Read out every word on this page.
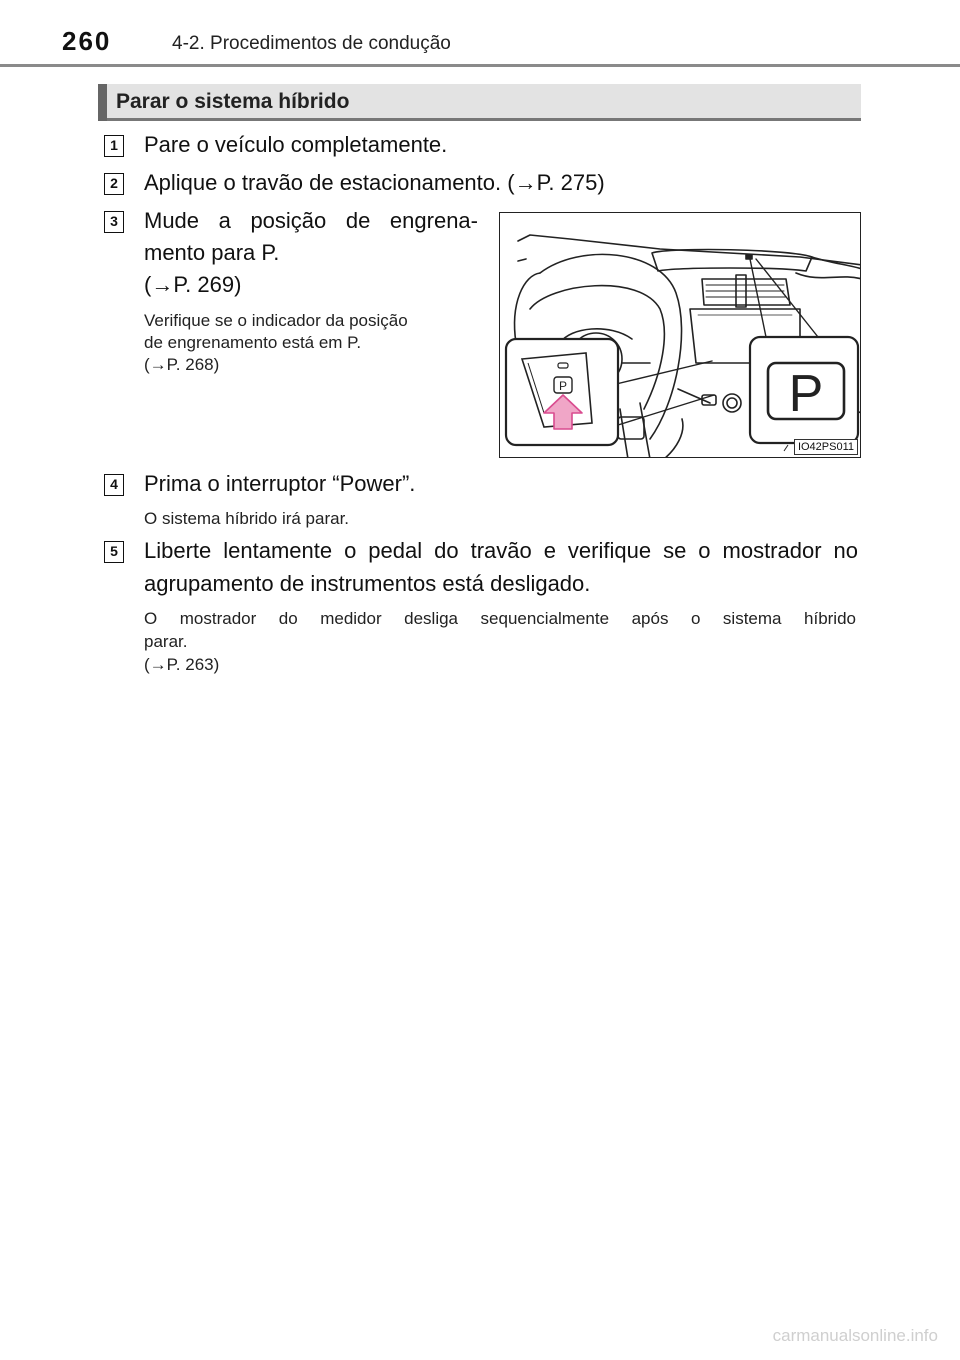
260	4-2. Procedimentos de condução
Parar o sistema híbrido
1 Pare o veículo completamente.
2 Aplique o travão de estacionamento. (→P. 275)
3 Mude a posição de engrena-
mento para P.
(→P. 269)
Verifique se o indicador da posição
de engrenamento está em P.
(→P. 268)
P	P
IO42PS011
4 Prima o interruptor “Power”.
O sistema híbrido irá parar.
5 Liberte lentamente o pedal do travão e verifique se o mostrador no
agrupamento de instrumentos está desligado.
O mostrador do medidor desliga sequencialmente após o sistema híbrido
parar.
(→P. 263)
carmanualsonline.info
